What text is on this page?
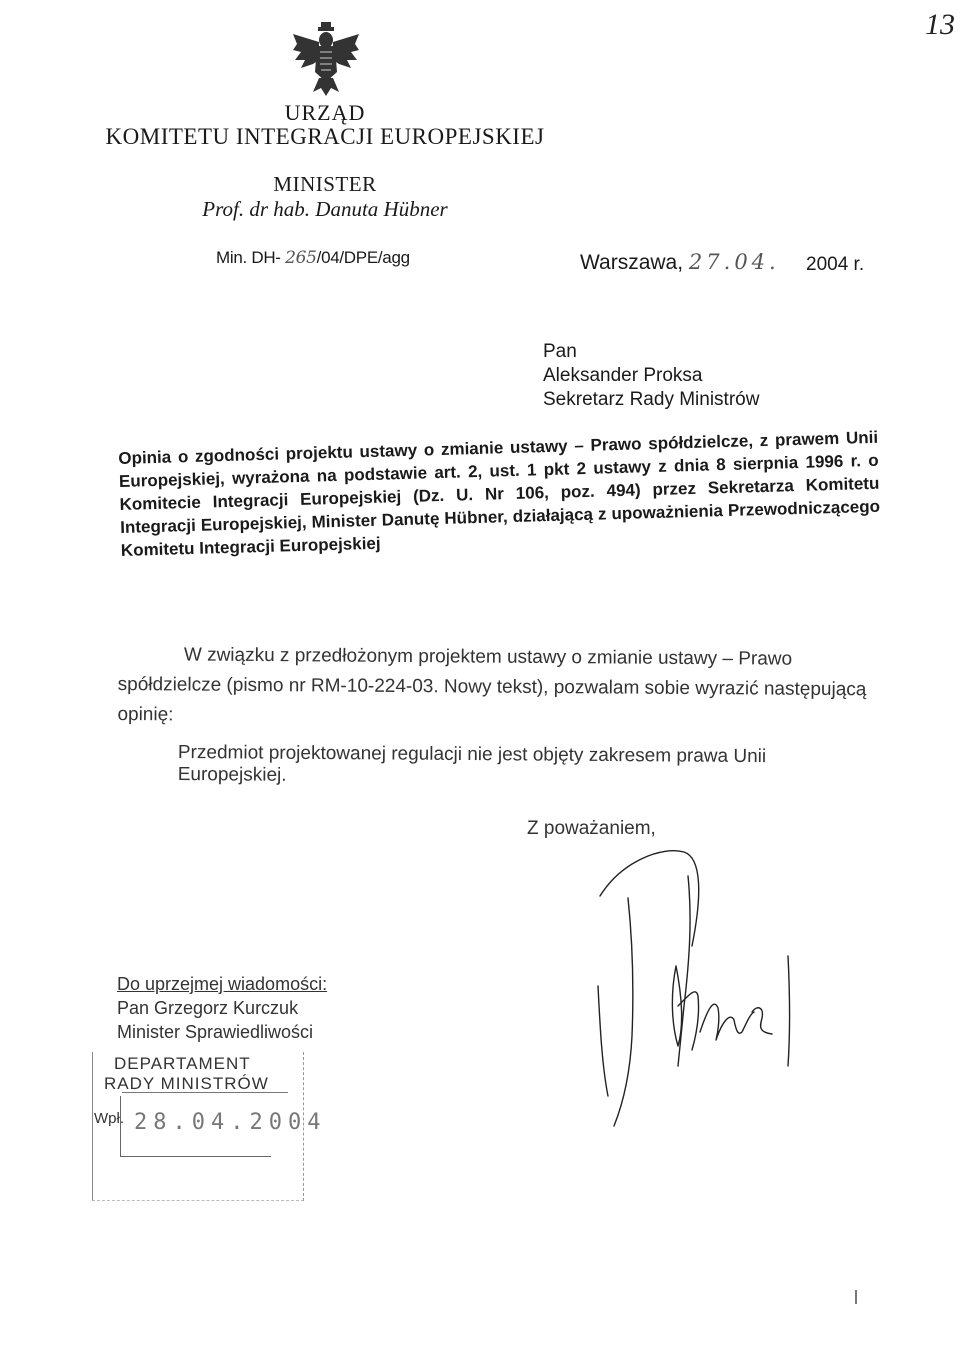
13
URZĄD
KOMITETU INTEGRACJI EUROPEJSKIEJ
MINISTER
Prof. dr hab. Danuta Hübner
Min. DH- 265/04/DPE/agg	Warszawa, 27.04. 2004 r.
Pan
Aleksander Proksa
Sekretarz Rady Ministrów
Opinia o zgodności projektu ustawy o zmianie ustawy – Prawo spółdzielcze, z prawem Unii Europejskiej, wyrażona na podstawie art. 2, ust. 1 pkt 2 ustawy z dnia 8 sierpnia 1996 r. o Komitecie Integracji Europejskiej (Dz. U. Nr 106, poz. 494) przez Sekretarza Komitetu Integracji Europejskiej, Minister Danutę Hübner, działającą z upoważnienia Przewodniczącego Komitetu Integracji Europejskiej
W związku z przedłożonym projektem ustawy o zmianie ustawy – Prawo spółdzielcze (pismo nr RM-10-224-03. Nowy tekst), pozwalam sobie wyrazić następującą opinię:
Przedmiot projektowanej regulacji nie jest objęty zakresem prawa Unii Europejskiej.
Z poważaniem,
Do uprzejmej wiadomości:
Pan Grzegorz Kurczuk
Minister Sprawiedliwości
DEPARTAMENT
RADY MINISTRÓW
Wpł. 28.04.2004
